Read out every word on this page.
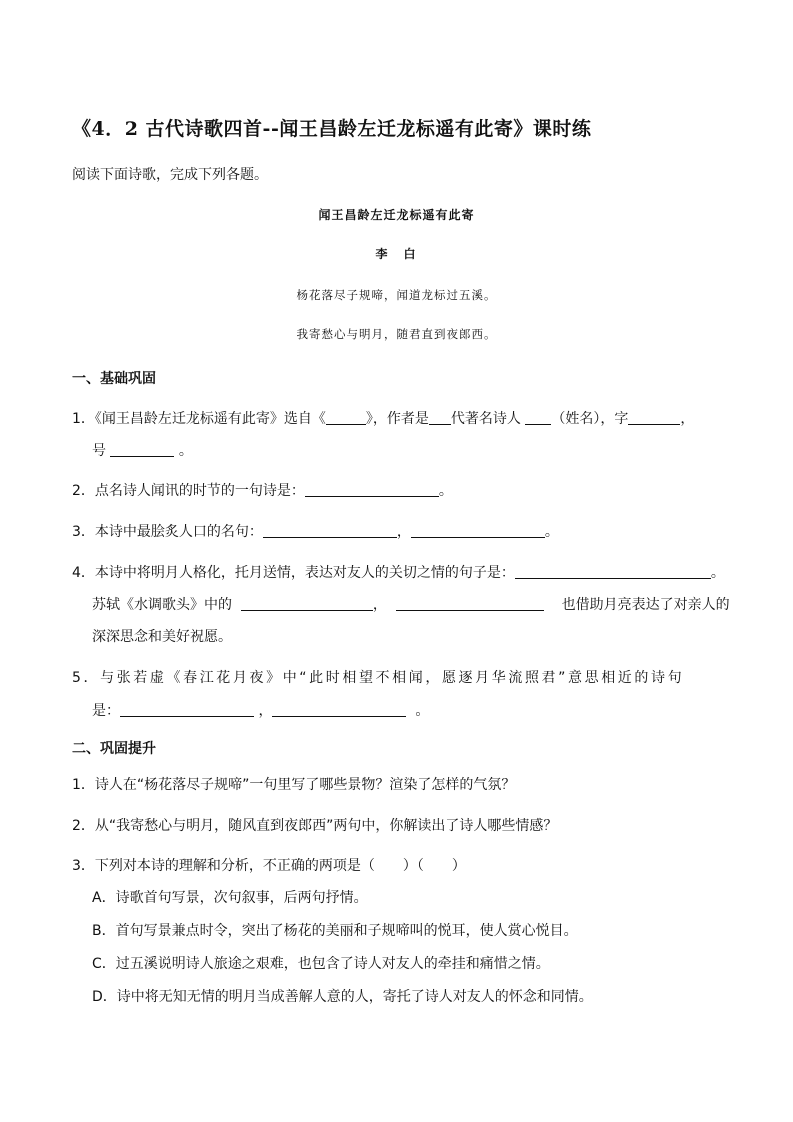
《4．2 古代诗歌四首--闻王昌龄左迁龙标遥有此寄》课时练
阅读下面诗歌，完成下列各题。
闻王昌龄左迁龙标遥有此寄
李　白
杨花落尽子规啼，闻道龙标过五溪。
我寄愁心与明月，随君直到夜郎西。
一、基础巩固
1．《闻王昌龄左迁龙标遥有此寄》选自《	》，作者是 代著名诗人 （姓名），字	，
号	。
2．点名诗人闻讯的时节的一句诗是：	。
3．本诗中最脍炙人口的名句：	，	。
4．本诗中将明月人格化，托月送情，表达对友人的关切之情的句子是：	。
苏轼《水调歌头》中的	，	也借助月亮表达了对亲人的
深深思念和美好祝愿。
5．与张若虚《春江花月夜》中“此时相望不相闻，愿逐月华流照君”意思相近的诗句
是：	，	。
二、巩固提升
1．诗人在“杨花落尽子规啼”一句里写了哪些景物？渲染了怎样的气氛？
2．从“我寄愁心与明月，随风直到夜郎西”两句中，你解读出了诗人哪些情感？
3．下列对本诗的理解和分析，不正确的两项是（　　）（　　）
A．诗歌首句写景，次句叙事，后两句抒情。
B．首句写景兼点时令，突出了杨花的美丽和子规啼叫的悦耳，使人赏心悦目。
C．过五溪说明诗人旅途之艰难，也包含了诗人对友人的牵挂和痛惜之情。
D．诗中将无知无情的明月当成善解人意的人，寄托了诗人对友人的怀念和同情。
